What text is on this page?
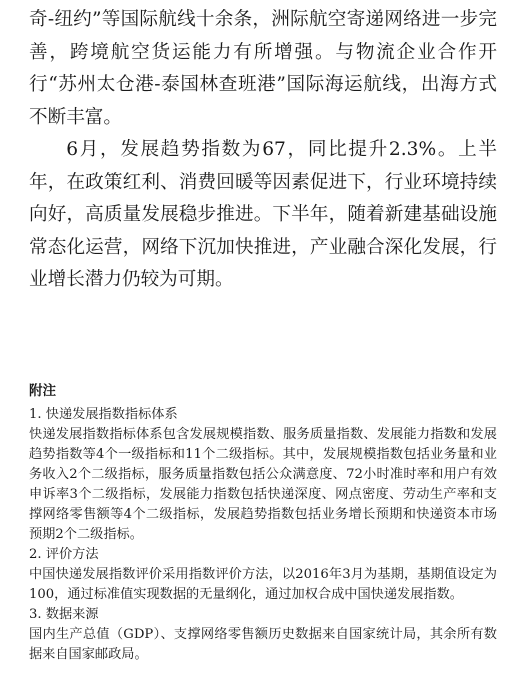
奇-纽约”等国际航线十余条，洲际航空寄递网络进一步完善，跨境航空货运能力有所增强。与物流企业合作开行“苏州太仓港-泰国林查班港”国际海运航线，出海方式不断丰富。

6月，发展趋势指数为67，同比提升2.3%。上半年，在政策红利、消费回暖等因素促进下，行业环境持续向好，高质量发展稳步推进。下半年，随着新建基础设施常态化运营，网络下沉加快推进，产业融合深化发展，行业增长潜力仍较为可期。

附注

1. 快递发展指数指标体系

快递发展指数指标体系包含发展规模指数、服务质量指数、发展能力指数和发展趋势指数等4个一级指标和11个二级指标。其中，发展规模指数包括业务量和业务收入2个二级指标，服务质量指数包括公众满意度、72小时准时率和用户有效申诉率3个二级指标，发展能力指数包括快递深度、网点密度、劳动生产率和支撑网络零售额等4个二级指标，发展趋势指数包括业务增长预期和快递资本市场预期2个二级指标。

2. 评价方法

中国快递发展指数评价采用指数评价方法，以2016年3月为基期，基期值设定为100，通过标准值实现数据的无量纲化，通过加权合成中国快递发展指数。

3. 数据来源

国内生产总值（GDP）、支撑网络零售额历史数据来自国家统计局，其余所有数据来自国家邮政局。
